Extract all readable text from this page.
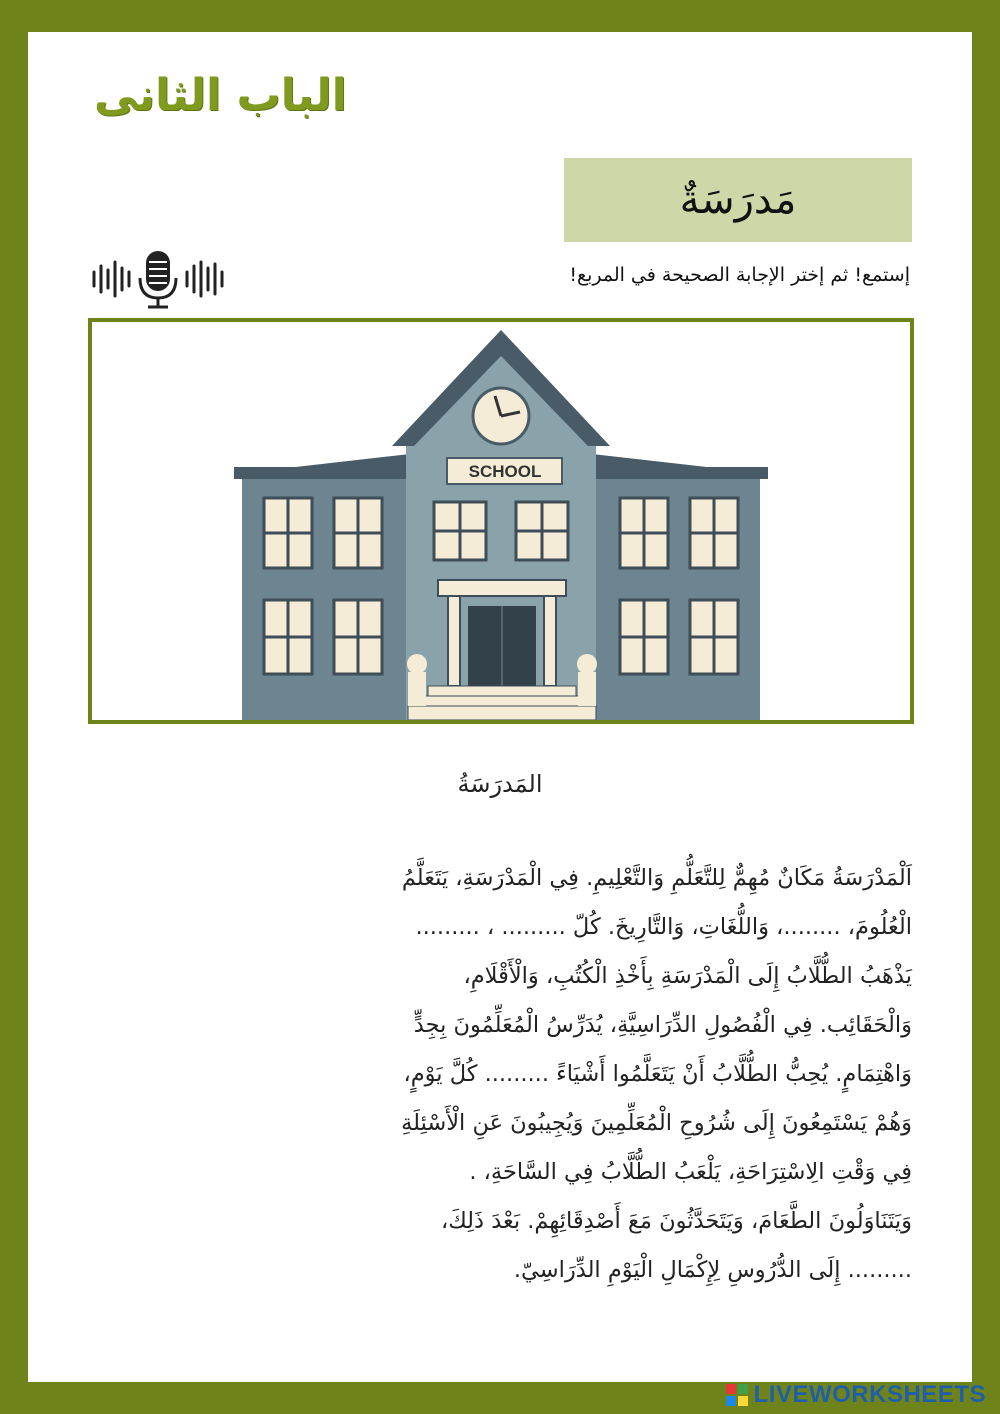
الباب الثانى
مَدرَسَةٌ
إستمع! ثم إختر الإجابة الصحيحة في المربع!
SCHOOL
المَدرَسَةُ
اَلْمَدْرَسَةُ مَكَانٌ مُهِمٌّ لِلتَّعَلُّمِ وَالتَّعْلِيمِ. فِي الْمَدْرَسَةِ، يَتَعَلَّمُ
الْعُلُومَ، ........، وَاللُّغَاتِ، وَالتَّارِيخَ. كُلّ ......... ، .........
يَذْهَبُ الطُّلَّابُ إِلَى الْمَدْرَسَةِ بِأَخْذِ الْكُتُبِ، وَالْأَقْلَامِ،
وَالْحَقَائِب. فِي الْفُصُولِ الدِّرَاسِيَّةِ، يُدَرِّسُ الْمُعَلِّمُونَ بِجِدٍّ
وَاهْتِمَامٍ. يُحِبُّ الطُّلَّابُ أَنْ يَتَعَلَّمُوا أَشْيَاءً ......... كُلَّ يَوْمٍ،
وَهُمْ يَسْتَمِعُونَ إِلَى شُرُوحِ الْمُعَلِّمِينَ وَيُجِيبُونَ عَنِ الْأَسْئِلَةِ
فِي وَقْتِ الِاسْتِرَاحَةِ، يَلْعَبُ الطُّلَّابُ فِي السَّاحَةِ، .
وَيَتَنَاوَلُونَ الطَّعَامَ، وَيَتَحَدَّثُونَ مَعَ أَصْدِقَائِهِمْ. بَعْدَ ذَلِكَ،
......... إِلَى الدُّرُوسِ لِإِكْمَالِ الْيَوْمِ الدِّرَاسِيّ.
LIVEWORKSHEETS
